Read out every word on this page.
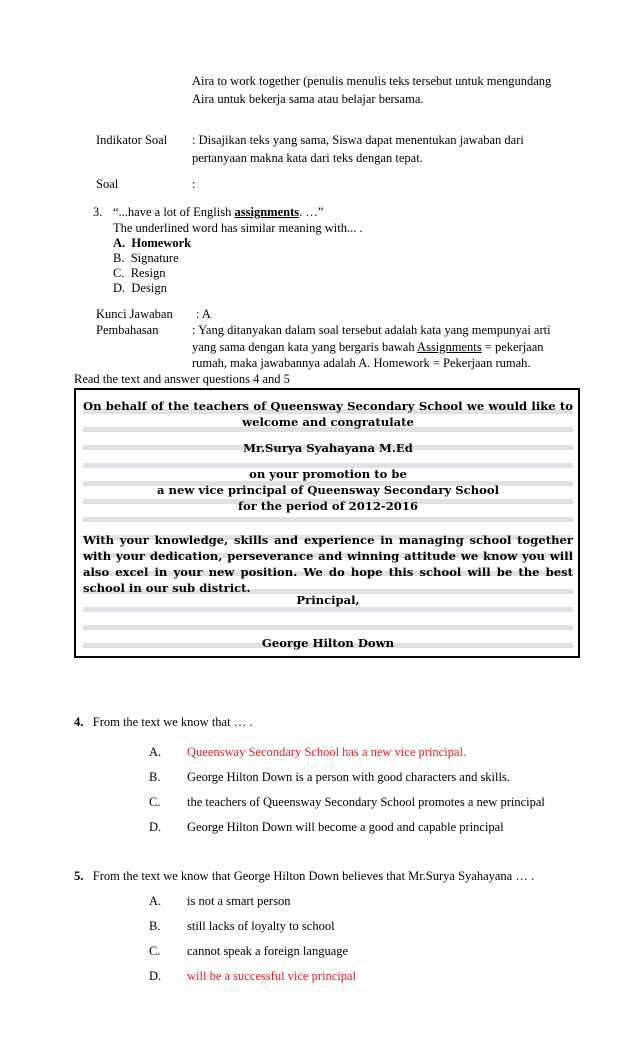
Aira to work together (penulis menulis teks tersebut untuk mengundang
Aira untuk bekerja sama atau belajar bersama.
Indikator Soal : Disajikan teks yang sama, Siswa dapat menentukan jawaban dari
pertanyaan makna kata dari teks dengan tepat.
Soal	:
3. “...have a lot of English assignments. …”
The underlined word has similar meaning with... .
A. Homework
B. Signature
C. Resign
D. Design
Kunci Jawaban : A
Pembahasan	: Yang ditanyakan dalam soal tersebut adalah kata yang mempunyai arti
yang sama dengan kata yang bergaris bawah Assignments = pekerjaan
rumah, maka jawabannya adalah A. Homework = Pekerjaan rumah.
Read the text and answer questions 4 and 5
On behalf of the teachers of Queensway Secondary School we would like to
welcome and congratulate
Mr.Surya Syahayana M.Ed
on your promotion to be
a new vice principal of Queensway Secondary School
for the period of 2012-2016
With your knowledge, skills and experience in managing school together
with your dedication, perseverance and winning attitude we know you will
also excel in your new position. We do hope this school will be the best
school in our sub district.
Principal,
George Hilton Down
4. From the text we know that … .
A. Queensway Secondary School has a new vice principal.
B. George Hilton Down is a person with good characters and skills.
C. the teachers of Queensway Secondary School promotes a new principal
D. George Hilton Down will become a good and capable principal
5. From the text we know that George Hilton Down believes that Mr.Surya Syahayana … .
A. is not a smart person
B. still lacks of loyalty to school
C. cannot speak a foreign language
D. will be a successful vice principal
